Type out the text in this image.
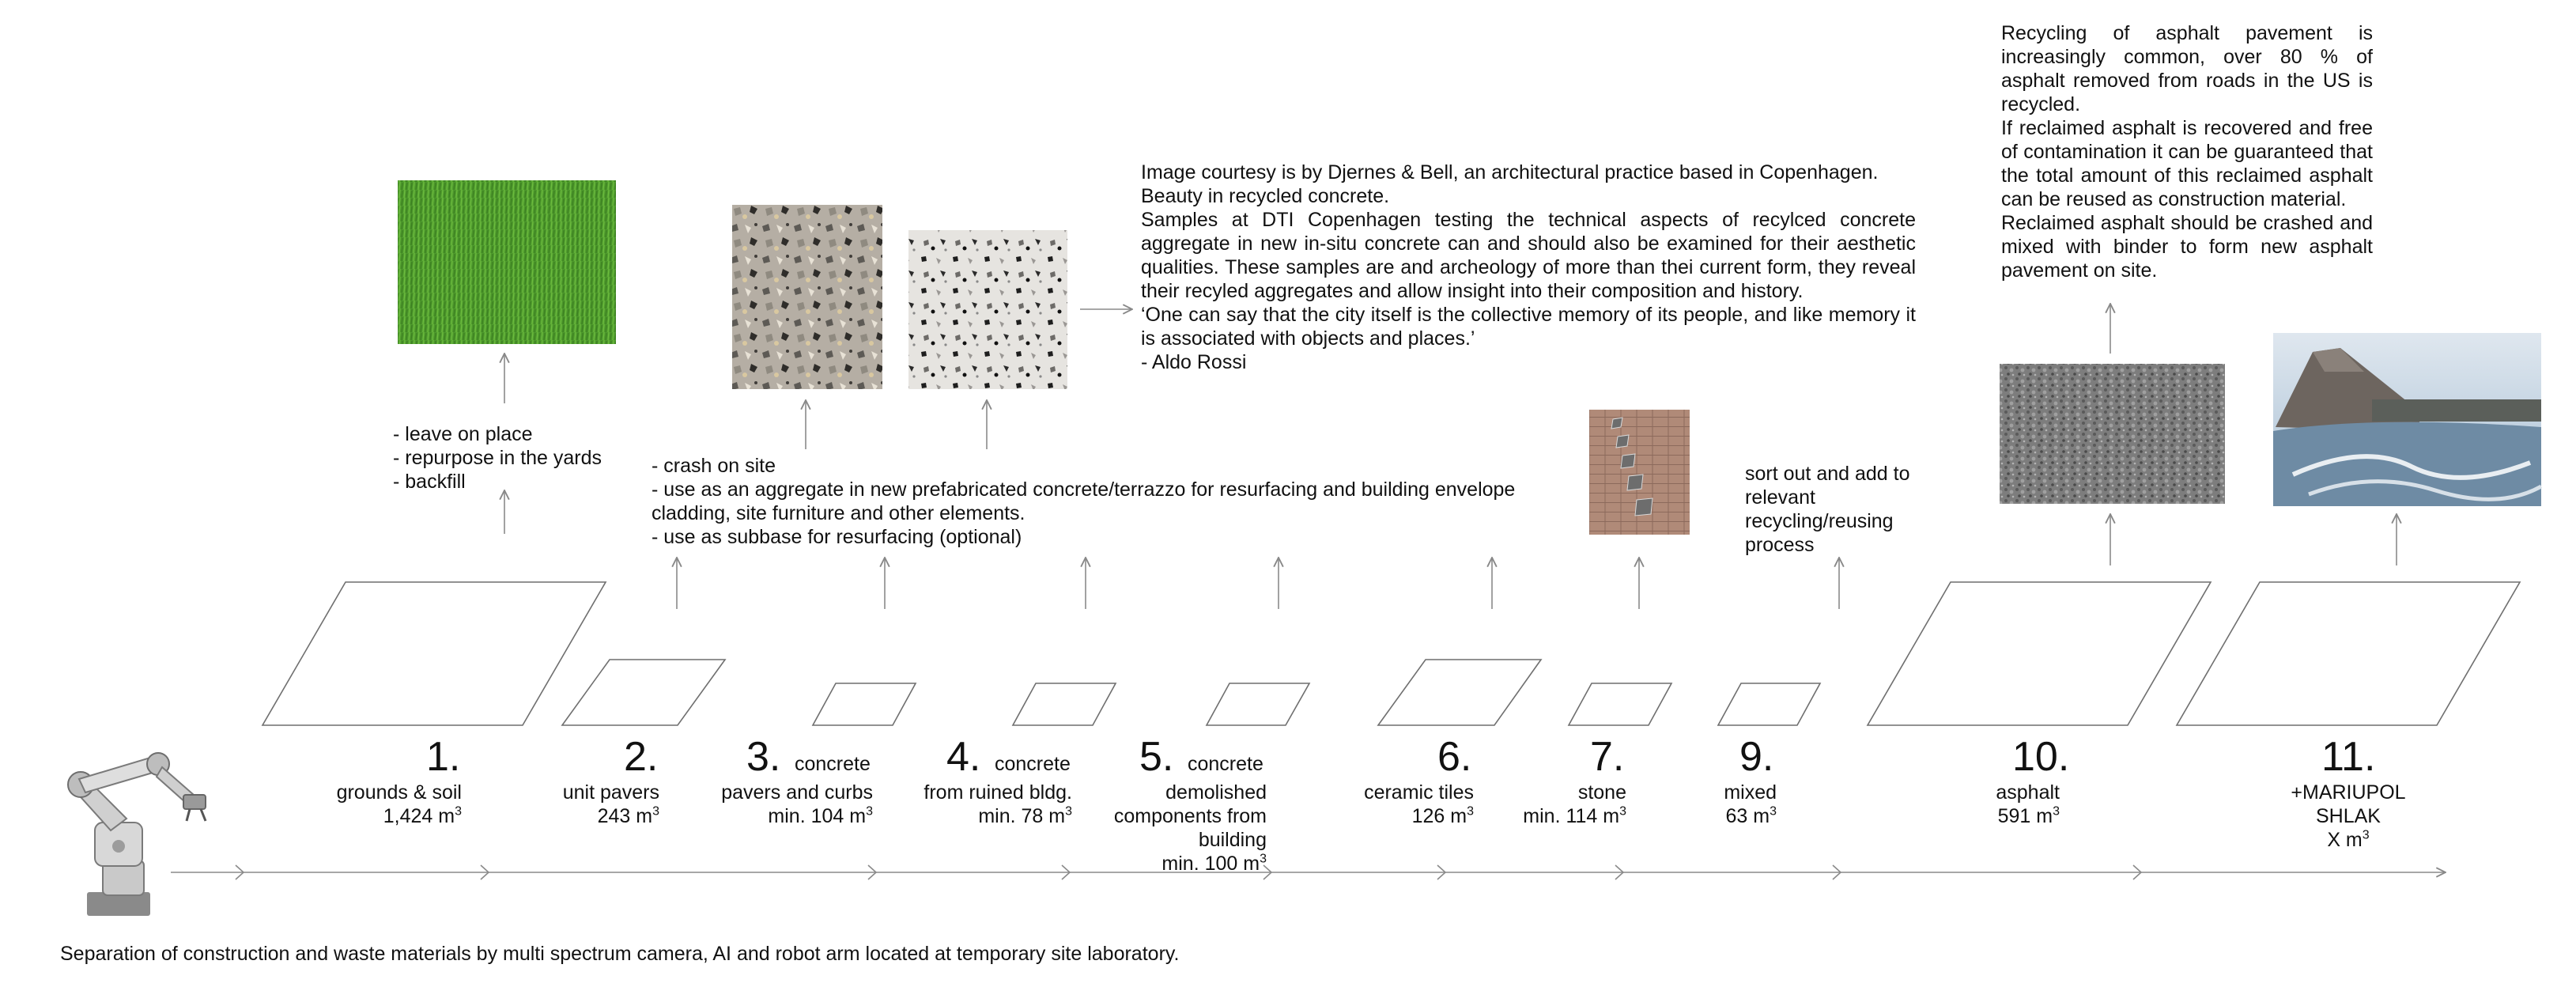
- leave on place
- repurpose in the yards
- backfill
- crash on site
- use as an aggregate in new prefabricated concrete/terrazzo for resurfacing and building envelope
cladding, site furniture and other elements.
- use as subbase for resurfacing (optional)
sort out and add to
relevant
recycling/reusing
process
Image courtesy is by Djernes & Bell, an architectural practice based in Copenhagen.
Beauty in recycled concrete.
Samples at DTI Copenhagen testing the technical aspects of recylced concrete aggregate in new in-situ concrete can and should also be examined for their aesthetic qualities. These samples are and archeology of more than thei current form, they reveal their recyled aggregates and allow insight into their composition and history.
‘One can say that the city itself is the collective memory of its people, and like memory it is associated with objects and places.’
- Aldo Rossi
Recycling of asphalt pavement is increasingly common, over 80 % of asphalt removed from roads in the US is recycled.
If reclaimed asphalt is recovered and free of contamination it can be guaranteed that the total amount of this reclaimed asphalt can be reused as construction material.
Reclaimed asphalt should be crashed and mixed with binder to form new asphalt pavement on site.
1.
grounds & soil
1,424 $m^3$
2.
unit pavers
243 $m^3$
3. concrete
pavers and curbs
min. 104 $m^3$
4. concrete
from ruined bldg.
min. 78 $m^3$
5. concrete
demolished
components from
building
min. 100 $m^3$
6.
ceramic tiles
126 $m^3$
7.
stone
min. 114 $m^3$
9.
mixed
63 $m^3$
10.
asphalt
591 $m^3$
11.
+MARIUPOL
SHLAK
X $m^3$
Separation of construction and waste materials by multi spectrum camera, AI and robot arm located at temporary site laboratory.
